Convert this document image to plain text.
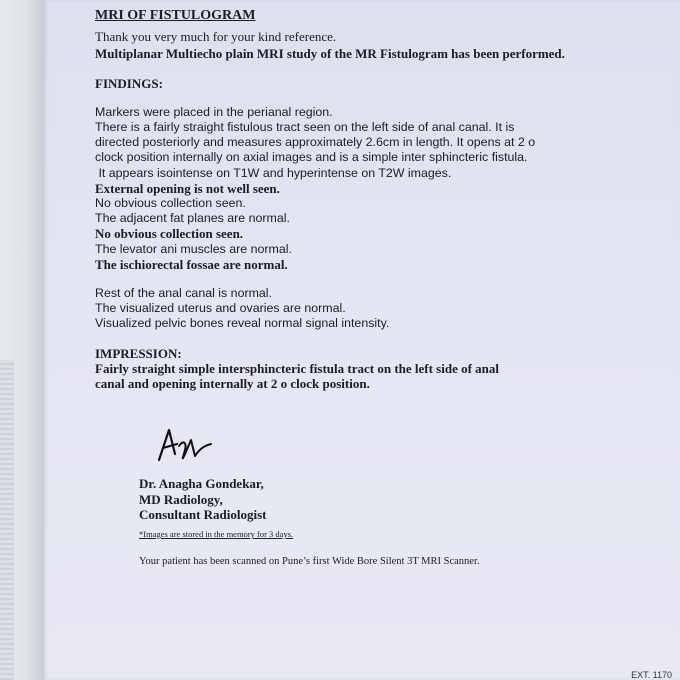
MRI OF FISTULOGRAM
Thank you very much for your kind reference.
Multiplanar Multiecho plain MRI study of the MR Fistulogram has been performed.
FINDINGS:

Markers were placed in the perianal region.

There is a fairly straight fistulous tract seen on the left side of anal canal. It is

directed posteriorly and measures approximately 2.6cm in length. It opens at 2 o

clock position internally on axial images and is a simple inter sphincteric fistula.

It appears isointense on T1W and hyperintense on T2W images.

External opening is not well seen.

No obvious collection seen.

The adjacent fat planes are normal.

No obvious collection seen.

The levator ani muscles are normal.

The ischiorectal fossae are normal.

Rest of the anal canal is normal.

The visualized uterus and ovaries are normal.

Visualized pelvic bones reveal normal signal intensity.

IMPRESSION:

Fairly straight simple intersphincteric fistula tract on the left side of anal

canal and opening internally at 2 o clock position.

Dr. Anagha Gondekar,
MD Radiology,
Consultant Radiologist
*Images are stored in the memory for 3 days.
Your patient has been scanned on Pune’s first Wide Bore Silent 3T MRI Scanner.
EXT. 1170
